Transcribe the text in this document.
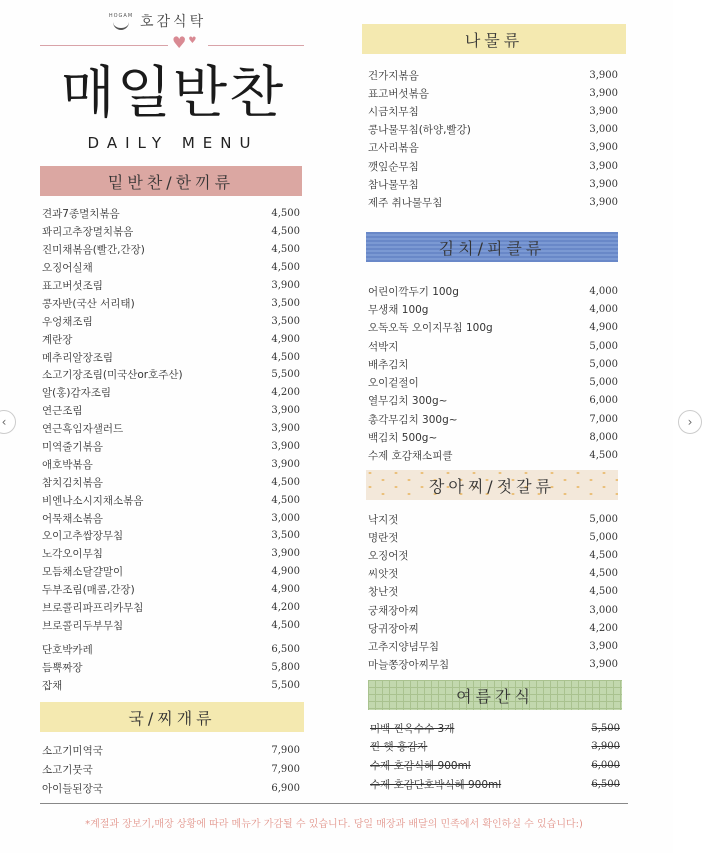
HOGAM 호감식탁
♥ ♥
매일반찬
DAILY MENU
밑반찬/한끼류
견과7종멸치볶음	4,500
꽈리고추장멸치볶음	4,500
진미채볶음(빨간,간장)	4,500
오징어실채	4,500
표고버섯조림	3,900
콩자반(국산 서리태)	3,500
우엉채조림	3,500
계란장	4,900
메추리알장조림	4,500
소고기장조림(미국산or호주산)	5,500
알(홍)감자조림	4,200
연근조림	3,900
연근흑임자샐러드	3,900
미역줄기볶음	3,900
애호박볶음	3,900
참치김치볶음	4,500
비엔나소시지채소볶음	4,500
어묵채소볶음	3,000
오이고추쌈장무침	3,500
노각오이무침	3,900
모듬채소달걀말이	4,900
두부조림(매콤,간장)	4,900
브로콜리파프리카무침	4,200
브로콜리두부무침	4,500
단호박카레	6,500
듬뿍짜장	5,800
잡채	5,500
국/찌개류
소고기미역국	7,900
소고기뭇국	7,900
아이들된장국	6,900
나물류
건가지볶음	3,900
표고버섯볶음	3,900
시금치무침	3,900
콩나물무침(하양,빨강)	3,000
고사리볶음	3,900
깻잎순무침	3,900
참나물무침	3,900
제주 취나물무침	3,900
김치/피클류
어린이깍두기 100g	4,000
무생채 100g	4,000
오독오독 오이지무침 100g	4,900
석박지	5,000
배추김치	5,000
오이겉절이	5,000
열무김치 300g~	6,000
총각무김치 300g~	7,000
백김치 500g~	8,000
수제 호감채소피클	4,500
장아찌/젓갈류
낙지젓	5,000
명란젓	5,000
오징어젓	4,500
씨앗젓	4,500
창난젓	4,500
궁채장아찌	3,000
당귀장아찌	4,200
고추지양념무침	3,900
마늘쫑장아찌무침	3,900
여름간식
미백 찐옥수수 3개	5,500
찐 햇 홍감자	3,900
수제 호감식혜 900ml	6,000
수제 호감단호박식혜 900ml	6,500
*계절과 장보기,매장 상황에 따라 메뉴가 가감될 수 있습니다. 당일 매장과 배달의 민족에서 확인하실 수 있습니다:)
‹	›
